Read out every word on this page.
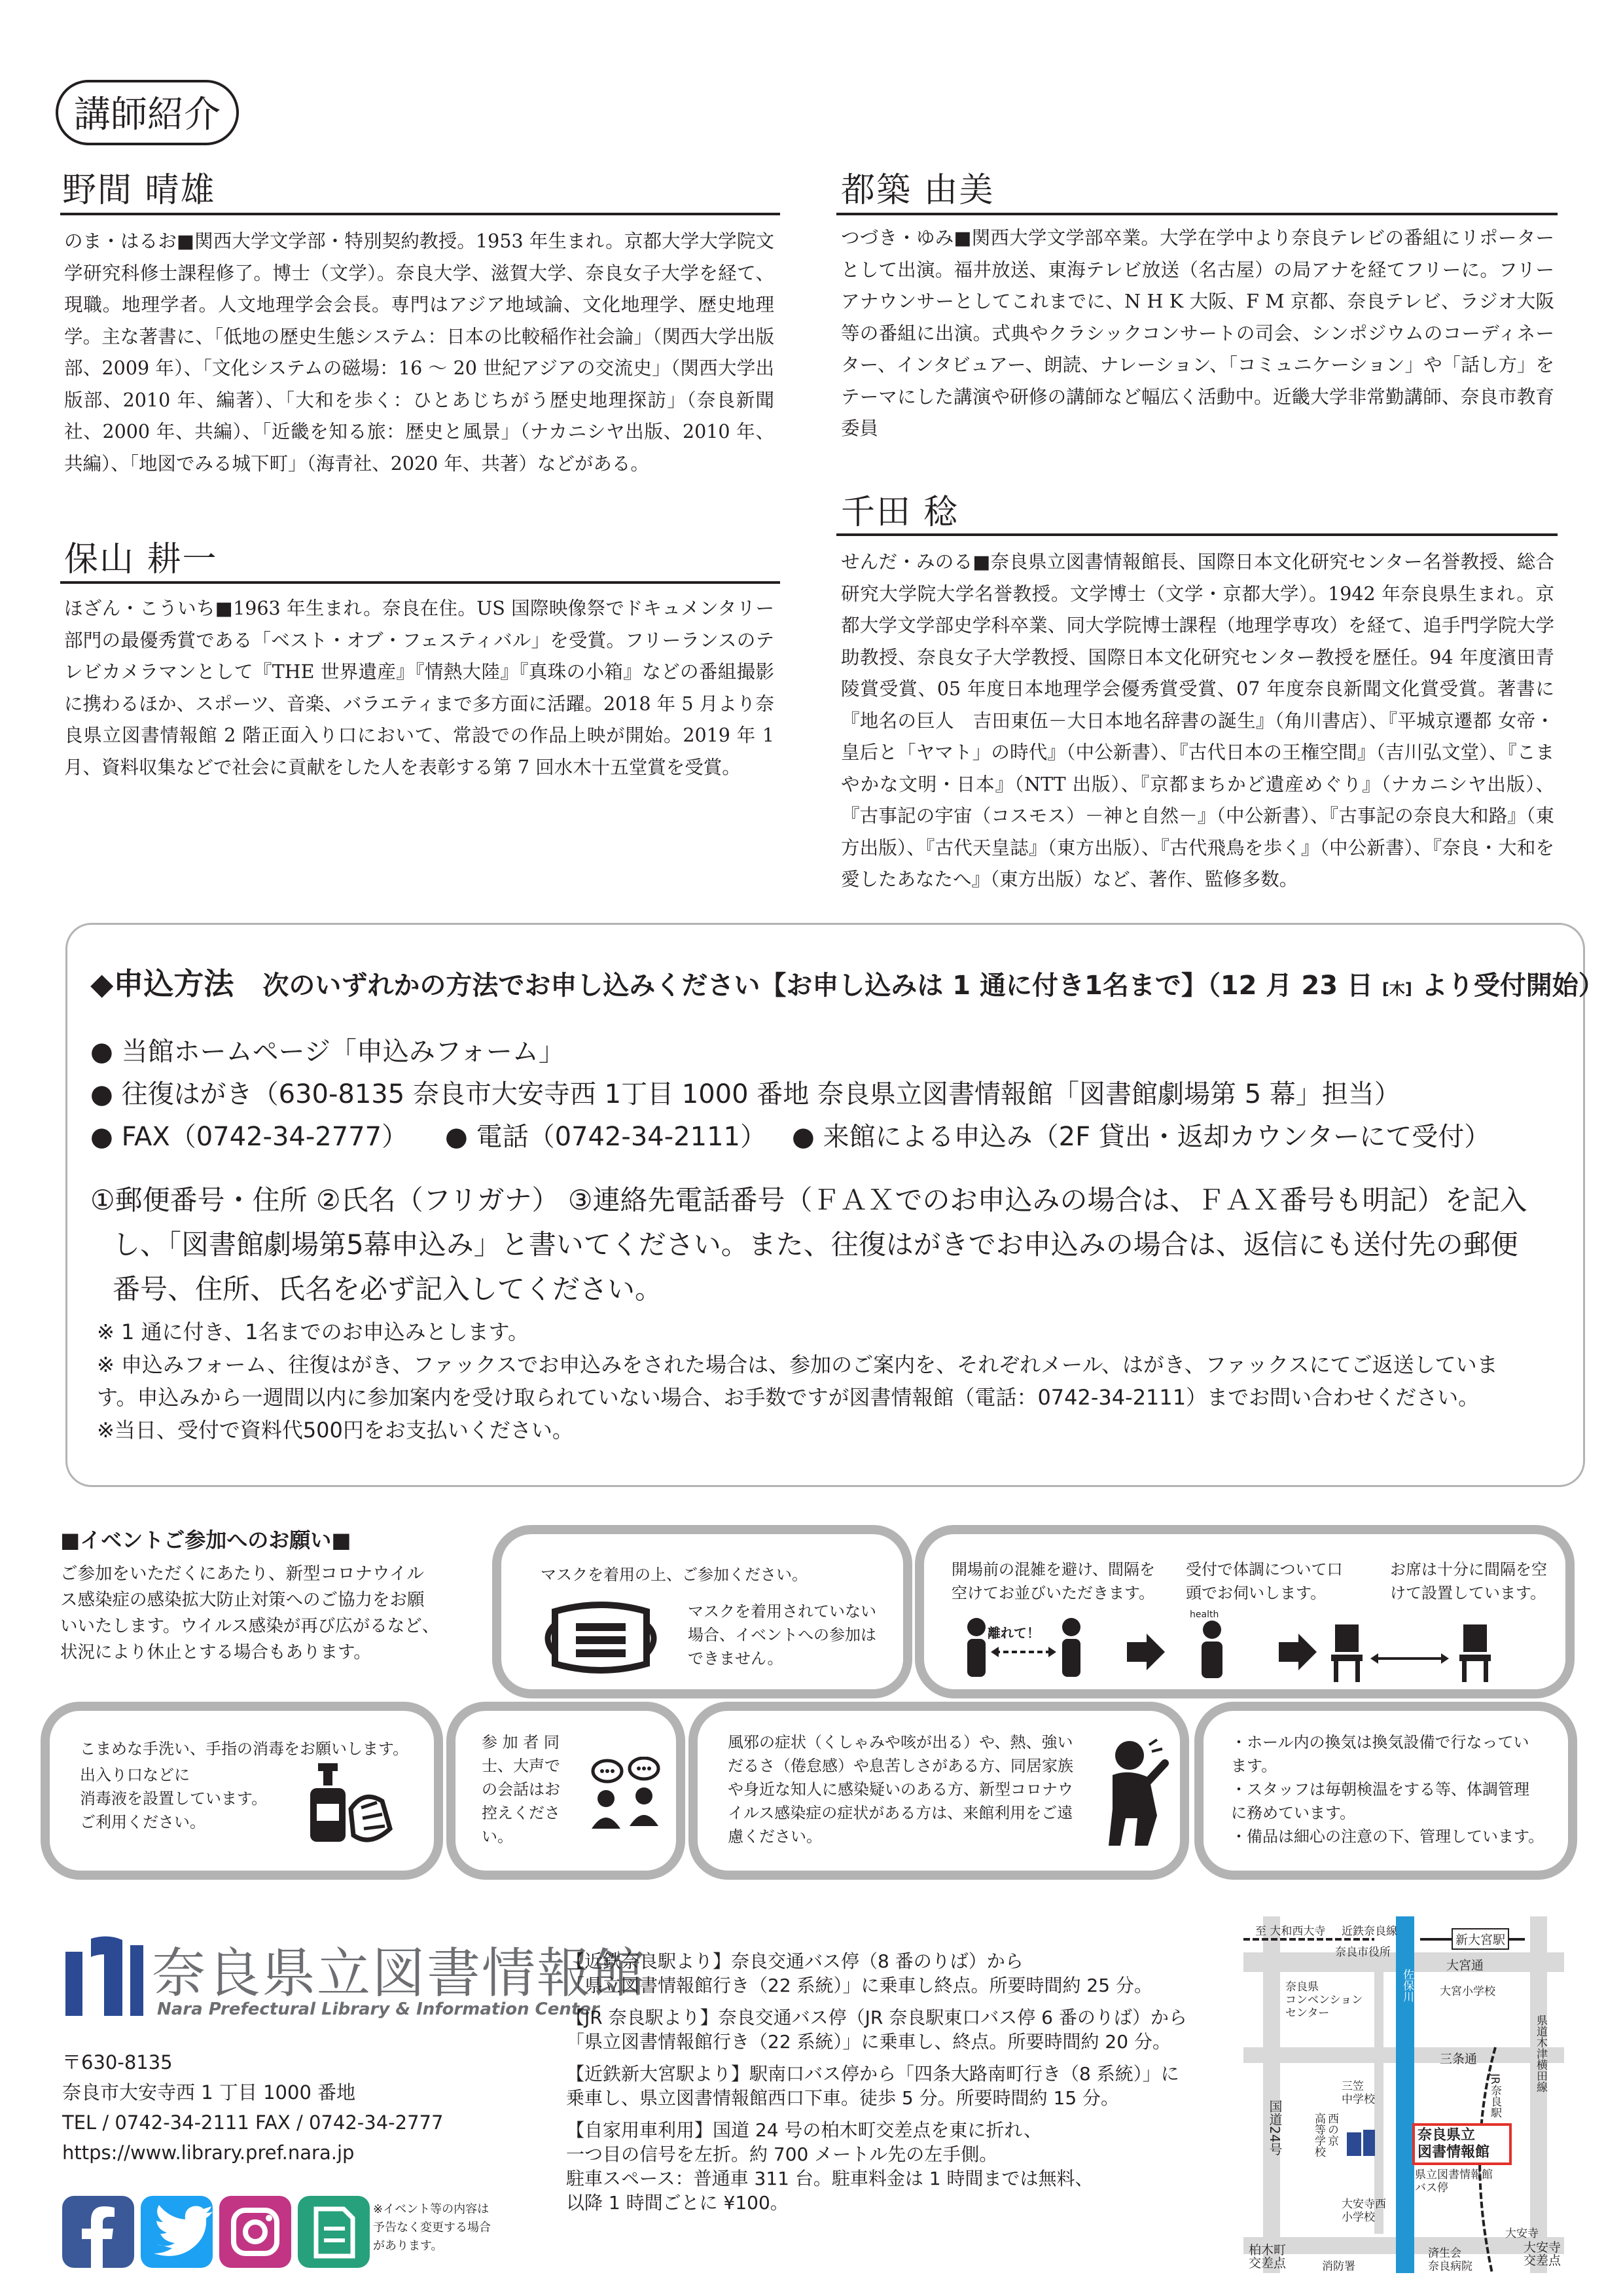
講師紹介
野間 晴雄
のま・はるお■関西大学文学部・特別契約教授。1953 年生まれ。京都大学大学院文学研究科修士課程修了。博士（文学）。奈良大学、滋賀大学、奈良女子大学を経て、現職。地理学者。人文地理学会会長。専門はアジア地域論、文化地理学、歴史地理学。主な著書に、「低地の歴史生態システム：日本の比較稲作社会論」（関西大学出版部、2009 年）、「文化システムの磁場：16 〜 20 世紀アジアの交流史」（関西大学出版部、2010 年、編著）、「大和を歩く：ひとあじちがう歴史地理探訪」（奈良新聞社、2000 年、共編）、「近畿を知る旅：歴史と風景」（ナカニシヤ出版、2010 年、共編）、「地図でみる城下町」（海青社、2020 年、共著）などがある。
保山 耕一
ほざん・こういち■1963 年生まれ。奈良在住。US 国際映像祭でドキュメンタリー部門の最優秀賞である「ベスト・オブ・フェスティバル」を受賞。フリーランスのテレビカメラマンとして『THE 世界遺産』『情熱大陸』『真珠の小箱』などの番組撮影に携わるほか、スポーツ、音楽、バラエティまで多方面に活躍。2018 年 5 月より奈良県立図書情報館 2 階正面入り口において、常設での作品上映が開始。2019 年 1 月、資料収集などで社会に貢献をした人を表彰する第 7 回水木十五堂賞を受賞。
都築 由美
つづき・ゆみ■関西大学文学部卒業。大学在学中より奈良テレビの番組にリポーターとして出演。福井放送、東海テレビ放送（名古屋）の局アナを経てフリーに。フリーアナウンサーとしてこれまでに、N H K 大阪、F M 京都、奈良テレビ、ラジオ大阪等の番組に出演。式典やクラシックコンサートの司会、シンポジウムのコーディネーター、インタビュアー、朗読、ナレーション、「コミュニケーション」や「話し方」をテーマにした講演や研修の講師など幅広く活動中。近畿大学非常勤講師、奈良市教育委員
千田 稔
せんだ・みのる■奈良県立図書情報館長、国際日本文化研究センター名誉教授、総合研究大学院大学名誉教授。文学博士（文学・京都大学）。1942 年奈良県生まれ。京都大学文学部史学科卒業、同大学院博士課程（地理学専攻）を経て、追手門学院大学助教授、奈良女子大学教授、国際日本文化研究センター教授を歴任。94 年度濱田青陵賞受賞、05 年度日本地理学会優秀賞受賞、07 年度奈良新聞文化賞受賞。著書に『地名の巨人　吉田東伍－大日本地名辞書の誕生』（角川書店）、『平城京遷都 女帝・皇后と「ヤマト」の時代』（中公新書）、『古代日本の王権空間』（吉川弘文堂）、『こまやかな文明・日本』（NTT 出版）、『京都まちかど遺産めぐり』（ナカニシヤ出版）、『古事記の宇宙（コスモス）－神と自然－』（中公新書）、『古事記の奈良大和路』（東方出版）、『古代天皇誌』（東方出版）、『古代飛鳥を歩く』（中公新書）、『奈良・大和を愛したあなたへ』（東方出版）など、著作、監修多数。
◆申込方法 次のいずれかの方法でお申し込みください【お申し込みは 1 通に付き1名まで】（12 月 23 日 [木] より受付開始）
● 当館ホームページ「申込みフォーム」
● 往復はがき（630-8135 奈良市大安寺西 1丁目 1000 番地 奈良県立図書情報館「図書館劇場第 5 幕」担当）
● FAX（0742-34-2777） ● 電話（0742-34-2111） ● 来館による申込み（2F 貸出・返却カウンターにて受付）
①郵便番号・住所 ②氏名（フリガナ） ③連絡先電話番号（ＦＡＸでのお申込みの場合は、ＦＡＸ番号も明記）を記入
し、「図書館劇場第5幕申込み」と書いてください。また、往復はがきでお申込みの場合は、返信にも送付先の郵便
番号、住所、氏名を必ず記入してください。
※ 1 通に付き、1名までのお申込みとします。
※ 申込みフォーム、往復はがき、ファックスでお申込みをされた場合は、参加のご案内を、それぞれメール、はがき、ファックスにてご返送していま
す。申込みから一週間以内に参加案内を受け取られていない場合、お手数ですが図書情報館（電話：0742-34-2111）までお問い合わせください。
※当日、受付で資料代500円をお支払いください。
■イベントご参加へのお願い■
ご参加をいただくにあたり、新型コロナウイル
ス感染症の感染拡大防止対策へのご協力をお願
いいたします。ウイルス感染が再び広がるなど、
状況により休止とする場合もあります。
マスクを着用の上、ご参加ください。
マスクを着用されていない
場合、イベントへの参加は
できません。
開場前の混雑を避け、間隔を
空けてお並びいただきます。
受付で体調について口
頭でお伺いします。
お席は十分に間隔を空
けて設置しています。
離れて！
health
こまめな手洗い、手指の消毒をお願いします。
出入り口などに
消毒液を設置しています。
ご利用ください。
参 加 者 同
士、大声で
の会話はお
控えくださ
い。
風邪の症状（くしゃみや咳が出る）や、熱、強い
だるさ（倦怠感）や息苦しさがある方、同居家族
や身近な知人に感染疑いのある方、新型コロナウ
イルス感染症の症状がある方は、来館利用をご遠
慮ください。
・ホール内の換気は換気設備で行なってい
ます。
・スタッフは毎朝検温をする等、体調管理
に務めています。
・備品は細心の注意の下、管理しています。
奈良県立図書情報館
Nara Prefectural Library & Information Center
〒630-8135
奈良市大安寺西 1 丁目 1000 番地
TEL / 0742-34-2111 FAX / 0742-34-2777
https://www.library.pref.nara.jp
※イベント等の内容は
予告なく変更する場合
があります。
【近鉄奈良駅より】奈良交通バス停（8 番のりば）から
「県立図書情報館行き（22 系統）」に乗車し終点。所要時間約 25 分。
【JR 奈良駅より】奈良交通バス停（JR 奈良駅東口バス停 6 番のりば）から
「県立図書情報館行き（22 系統）」に乗車し、終点。所要時間約 20 分。
【近鉄新大宮駅より】駅南口バス停から「四条大路南町行き（8 系統）」に
乗車し、県立図書情報館西口下車。徒歩 5 分。所要時間約 15 分。
【自家用車利用】国道 24 号の柏木町交差点を東に折れ、
一つ目の信号を左折。約 700 メートル先の左手側。
駐車スペース：普通車 311 台。駐車料金は 1 時間までは無料、
以降 1 時間ごとに ¥100。
至 大和西大寺 近鉄奈良線
新大宮駅
奈良市役所
大宮通
大宮小学校
奈良県
コンベンション
センター
三条通
佐保川
JR奈良駅
県道木津横田線
国道24号
三笠
中学校
西の京
高等学校
県立図書情報館
バス停
奈良県立
図書情報館
大安寺西
小学校
柏木町
交差点	消防署
大安寺
大安寺
交差点
済生会
奈良病院
